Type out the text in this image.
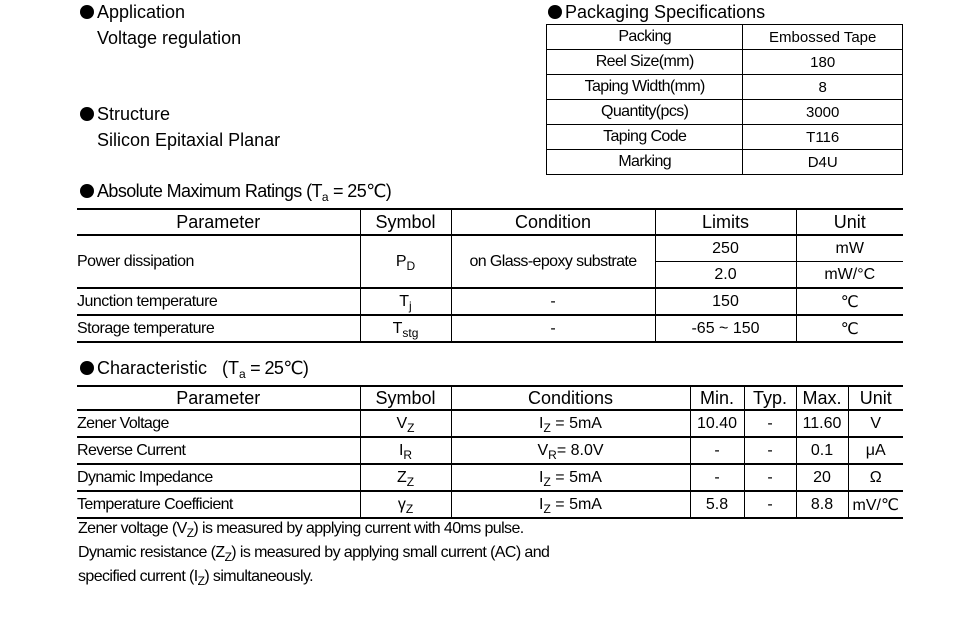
Application
Voltage regulation
Structure
Silicon Epitaxial Planar
Packaging Specifications
Packing	Embossed Tape
Reel Size(mm)	180
Taping Width(mm)	8
Quantity(pcs)	3000
Taping Code	T116
Marking	D4U
Absolute Maximum Ratings ($T_a$ = 25℃)
Parameter	Symbol	Condition	Limits	Unit
Power dissipation	$P_D$	on Glass-epoxy substrate	250	mW
			2.0	mW/°C
Junction temperature	$T_j$	-	150	℃
Storage temperature	$T_{stg}$	-	-65 ~ 150	℃
Characteristic ($T_a$ = 25℃)
Parameter	Symbol	Conditions	Min.	Typ.	Max.	Unit
Zener Voltage	$V_Z$	$I_Z = 5mA$	10.40	-	11.60	V
Reverse Current	$I_R$	$V_R= 8.0V$	-	-	0.1	μA
Dynamic Impedance	$Z_Z$	$I_Z = 5mA$	-	-	20	Ω
Temperature Coefficient	$\gamma_Z$	$I_Z = 5mA$	5.8	-	8.8	mV/℃
Zener voltage $(V_Z)$ is measured by applying current with 40ms pulse.
Dynamic resistance $(Z_Z)$ is measured by applying small current (AC) and
specified current $(I_Z)$ simultaneously.
